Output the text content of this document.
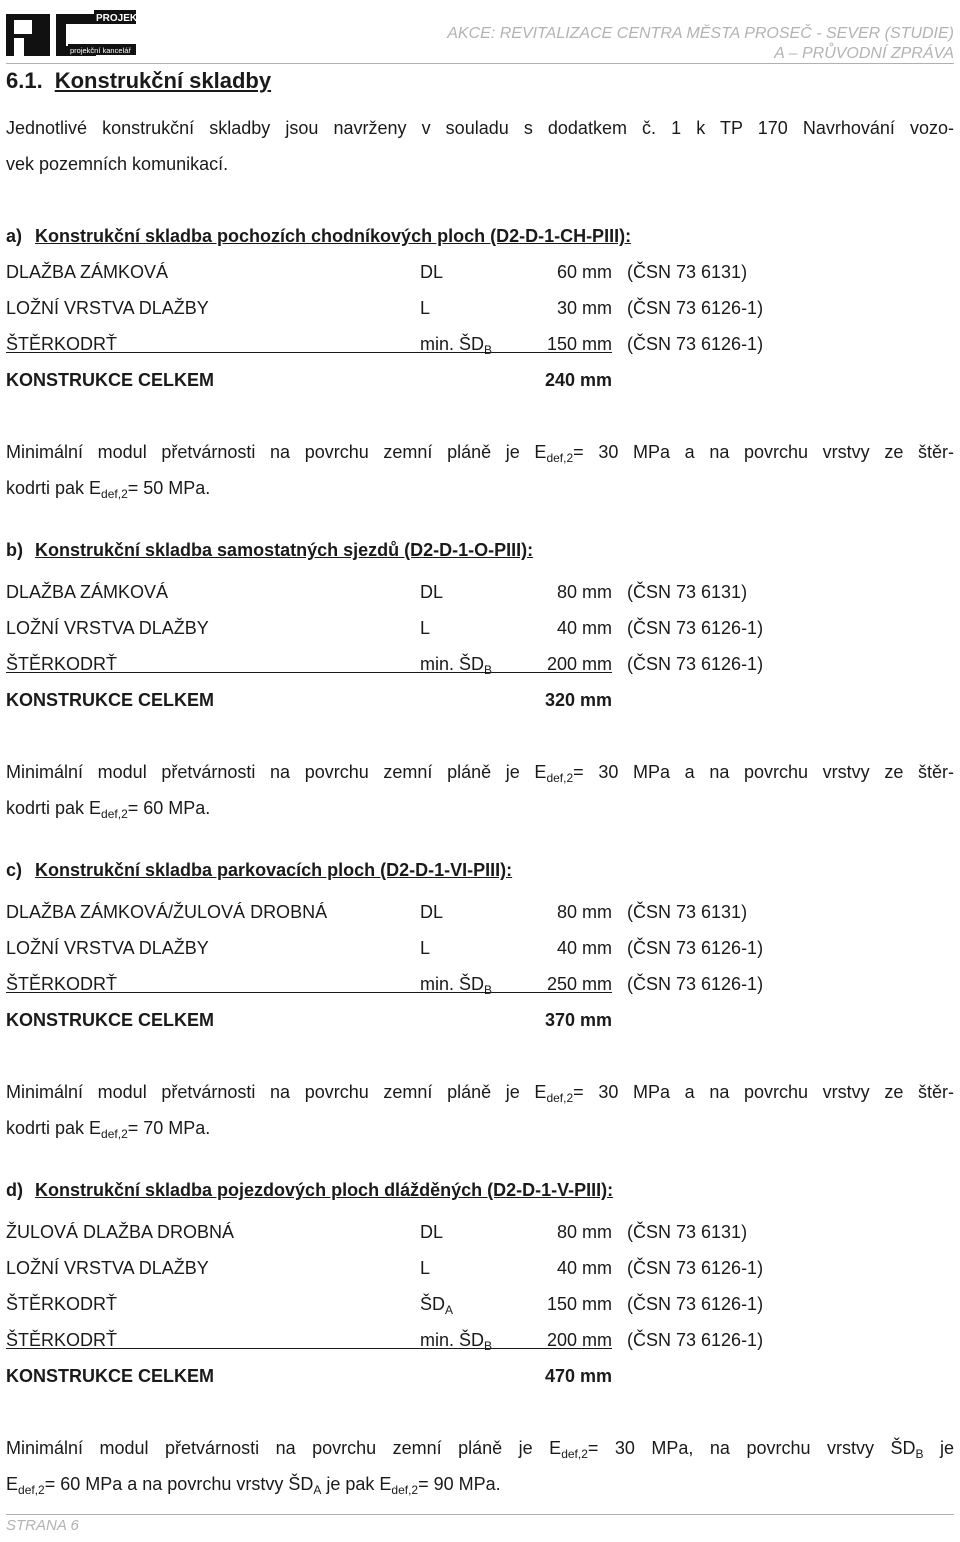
PROJEKT
projekční kancelář
AKCE: REVITALIZACE CENTRA MĚSTA PROSEČ - SEVER (STUDIE)
A – PRŮVODNÍ ZPRÁVA
6.1. Konstrukční skladby
Jednotlivé konstrukční skladby jsou navrženy v souladu s dodatkem č. 1 k TP 170 Navrhování vozo-
vek pozemních komunikací.
a) Konstrukční skladba pochozích chodníkových ploch (D2-D-1-CH-PIII):
DLAŽBA ZÁMKOVÁ	DL	60 mm (ČSN 73 6131)
LOŽNÍ VRSTVA DLAŽBY	L	30 mm (ČSN 73 6126-1)
ŠTĚRKODRŤ	min. $ŠD_B$	150 mm (ČSN 73 6126-1)
KONSTRUKCE CELKEM	240 mm
Minimální modul přetvárnosti na povrchu zemní pláně je $E_{def,2}= 30$ MPa a na povrchu vrstvy ze štěr-
kodrti pak $E_{def,2}= 50$ MPa.
b) Konstrukční skladba samostatných sjezdů (D2-D-1-O-PIII):
DLAŽBA ZÁMKOVÁ	DL	80 mm (ČSN 73 6131)
LOŽNÍ VRSTVA DLAŽBY	L	40 mm (ČSN 73 6126-1)
ŠTĚRKODRŤ	min. $ŠD_B$	200 mm (ČSN 73 6126-1)
KONSTRUKCE CELKEM	320 mm
Minimální modul přetvárnosti na povrchu zemní pláně je $E_{def,2}= 30$ MPa a na povrchu vrstvy ze štěr-
kodrti pak $E_{def,2}= 60$ MPa.
c) Konstrukční skladba parkovacích ploch (D2-D-1-VI-PIII):
DLAŽBA ZÁMKOVÁ/ŽULOVÁ DROBNÁ	DL	80 mm (ČSN 73 6131)
LOŽNÍ VRSTVA DLAŽBY	L	40 mm (ČSN 73 6126-1)
ŠTĚRKODRŤ	min. $ŠD_B$	250 mm (ČSN 73 6126-1)
KONSTRUKCE CELKEM	370 mm
Minimální modul přetvárnosti na povrchu zemní pláně je $E_{def,2}= 30$ MPa a na povrchu vrstvy ze štěr-
kodrti pak $E_{def,2}= 70$ MPa.
d) Konstrukční skladba pojezdových ploch dlážděných (D2-D-1-V-PIII):
ŽULOVÁ DLAŽBA DROBNÁ	DL	80 mm (ČSN 73 6131)
LOŽNÍ VRSTVA DLAŽBY	L	40 mm (ČSN 73 6126-1)
ŠTĚRKODRŤ	$ŠD_A$	150 mm (ČSN 73 6126-1)
ŠTĚRKODRŤ	min. $ŠD_B$	200 mm (ČSN 73 6126-1)
KONSTRUKCE CELKEM	470 mm
Minimální modul přetvárnosti na povrchu zemní pláně je $E_{def,2}= 30$ MPa, na povrchu vrstvy $ŠD_B$ je
$E_{def,2}= 60$ MPa a na povrchu vrstvy $ŠD_A$ je pak $E_{def,2}= 90$ MPa.
STRANA 6
